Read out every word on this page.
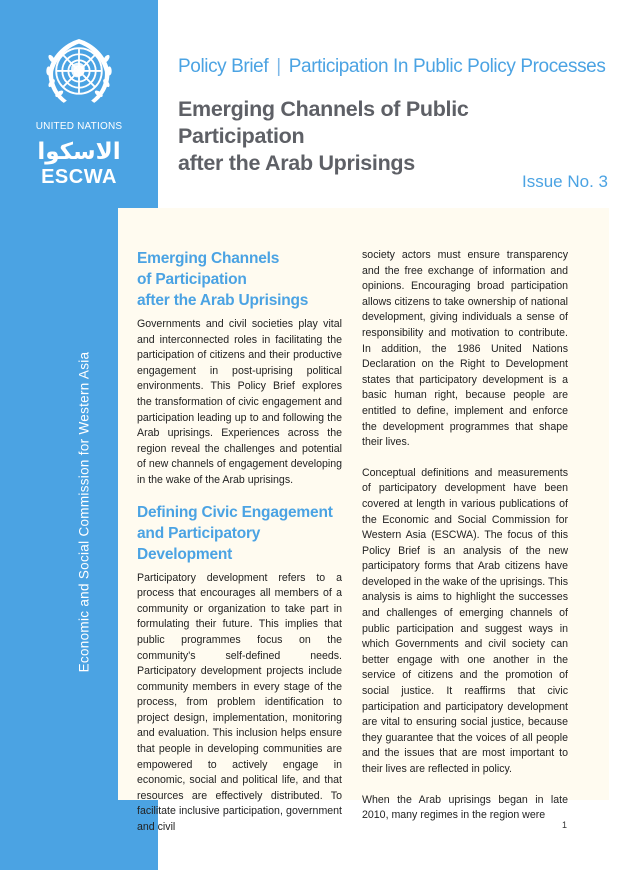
UNITED NATIONS
الاسكوا
ESCWA
Economic and Social Commission for Western Asia
Policy Brief | Participation In Public Policy Processes
Emerging Channels of Public Participation
after the Arab Uprisings
Issue No. 3
Emerging Channels
of Participation
after the Arab Uprisings

Governments and civil societies play vital and interconnected roles in facilitating the participation of citizens and their productive engagement in post-uprising political environments. This Policy Brief explores the transformation of civic engagement and participation leading up to and following the Arab uprisings. Experiences across the region reveal the challenges and potential of new channels of engagement developing in the wake of the Arab uprisings.

Defining Civic Engagement
and Participatory
Development

Participatory development refers to a process that encourages all members of a community or organization to take part in formulating their future. This implies that public programmes focus on the community's self-defined needs. Participatory development projects include community members in every stage of the process, from problem identification to project design, implementation, monitoring and evaluation. This inclusion helps ensure that people in developing communities are empowered to actively engage in economic, social and political life, and that resources are effectively distributed. To facilitate inclusive participation, government and civil

society actors must ensure transparency and the free exchange of information and opinions. Encouraging broad participation allows citizens to take ownership of national development, giving individuals a sense of responsibility and motivation to contribute. In addition, the 1986 United Nations Declaration on the Right to Development states that participatory development is a basic human right, because people are entitled to define, implement and enforce the development programmes that shape their lives.

Conceptual definitions and measurements of participatory development have been covered at length in various publications of the Economic and Social Commission for Western Asia (ESCWA). The focus of this Policy Brief is an analysis of the new participatory forms that Arab citizens have developed in the wake of the uprisings. This analysis is aims to highlight the successes and challenges of emerging channels of public participation and suggest ways in which Governments and civil society can better engage with one another in the service of citizens and the promotion of social justice. It reaffirms that civic participation and participatory development are vital to ensuring social justice, because they guarantee that the voices of all people and the issues that are most important to their lives are reflected in policy.

When the Arab uprisings began in late 2010, many regimes in the region were

1
